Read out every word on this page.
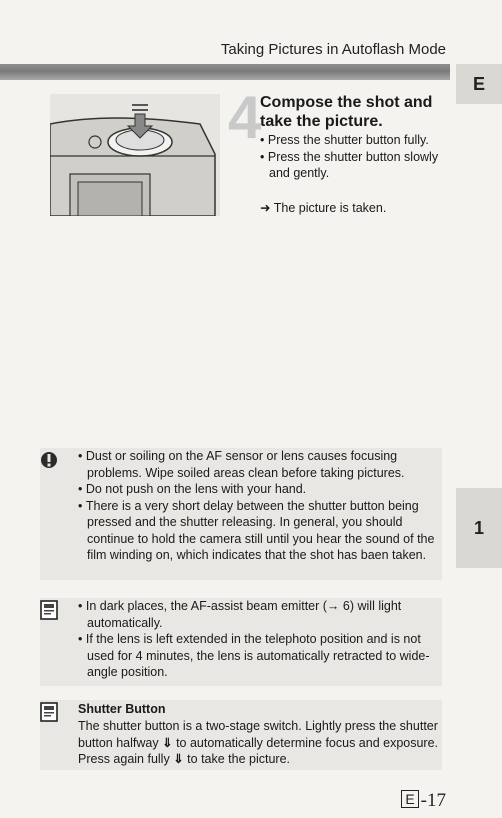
Taking Pictures in Autoflash Mode
E
1
4
Compose the shot and take the picture.
• Press the shutter button fully.
• Press the shutter button slowly and gently.
➜ The picture is taken.
• Dust or soiling on the AF sensor or lens causes focusing problems. Wipe soiled areas clean before taking pictures.
• Do not push on the lens with your hand.
• There is a very short delay between the shutter button being pressed and the shutter releasing. In general, you should continue to hold the camera still until you hear the sound of the film winding on, which indicates that the shot has baen taken.
• In dark places, the AF-assist beam emitter (→ 6) will light automatically.
• If the lens is left extended in the telephoto position and is not used for 4 minutes, the lens is automatically retracted to wide-angle position.
Shutter Button
The shutter button is a two-stage switch. Lightly press the shutter button halfway ⇓ to automatically determine focus and exposure. Press again fully ⇓ to take the picture.
E -17
